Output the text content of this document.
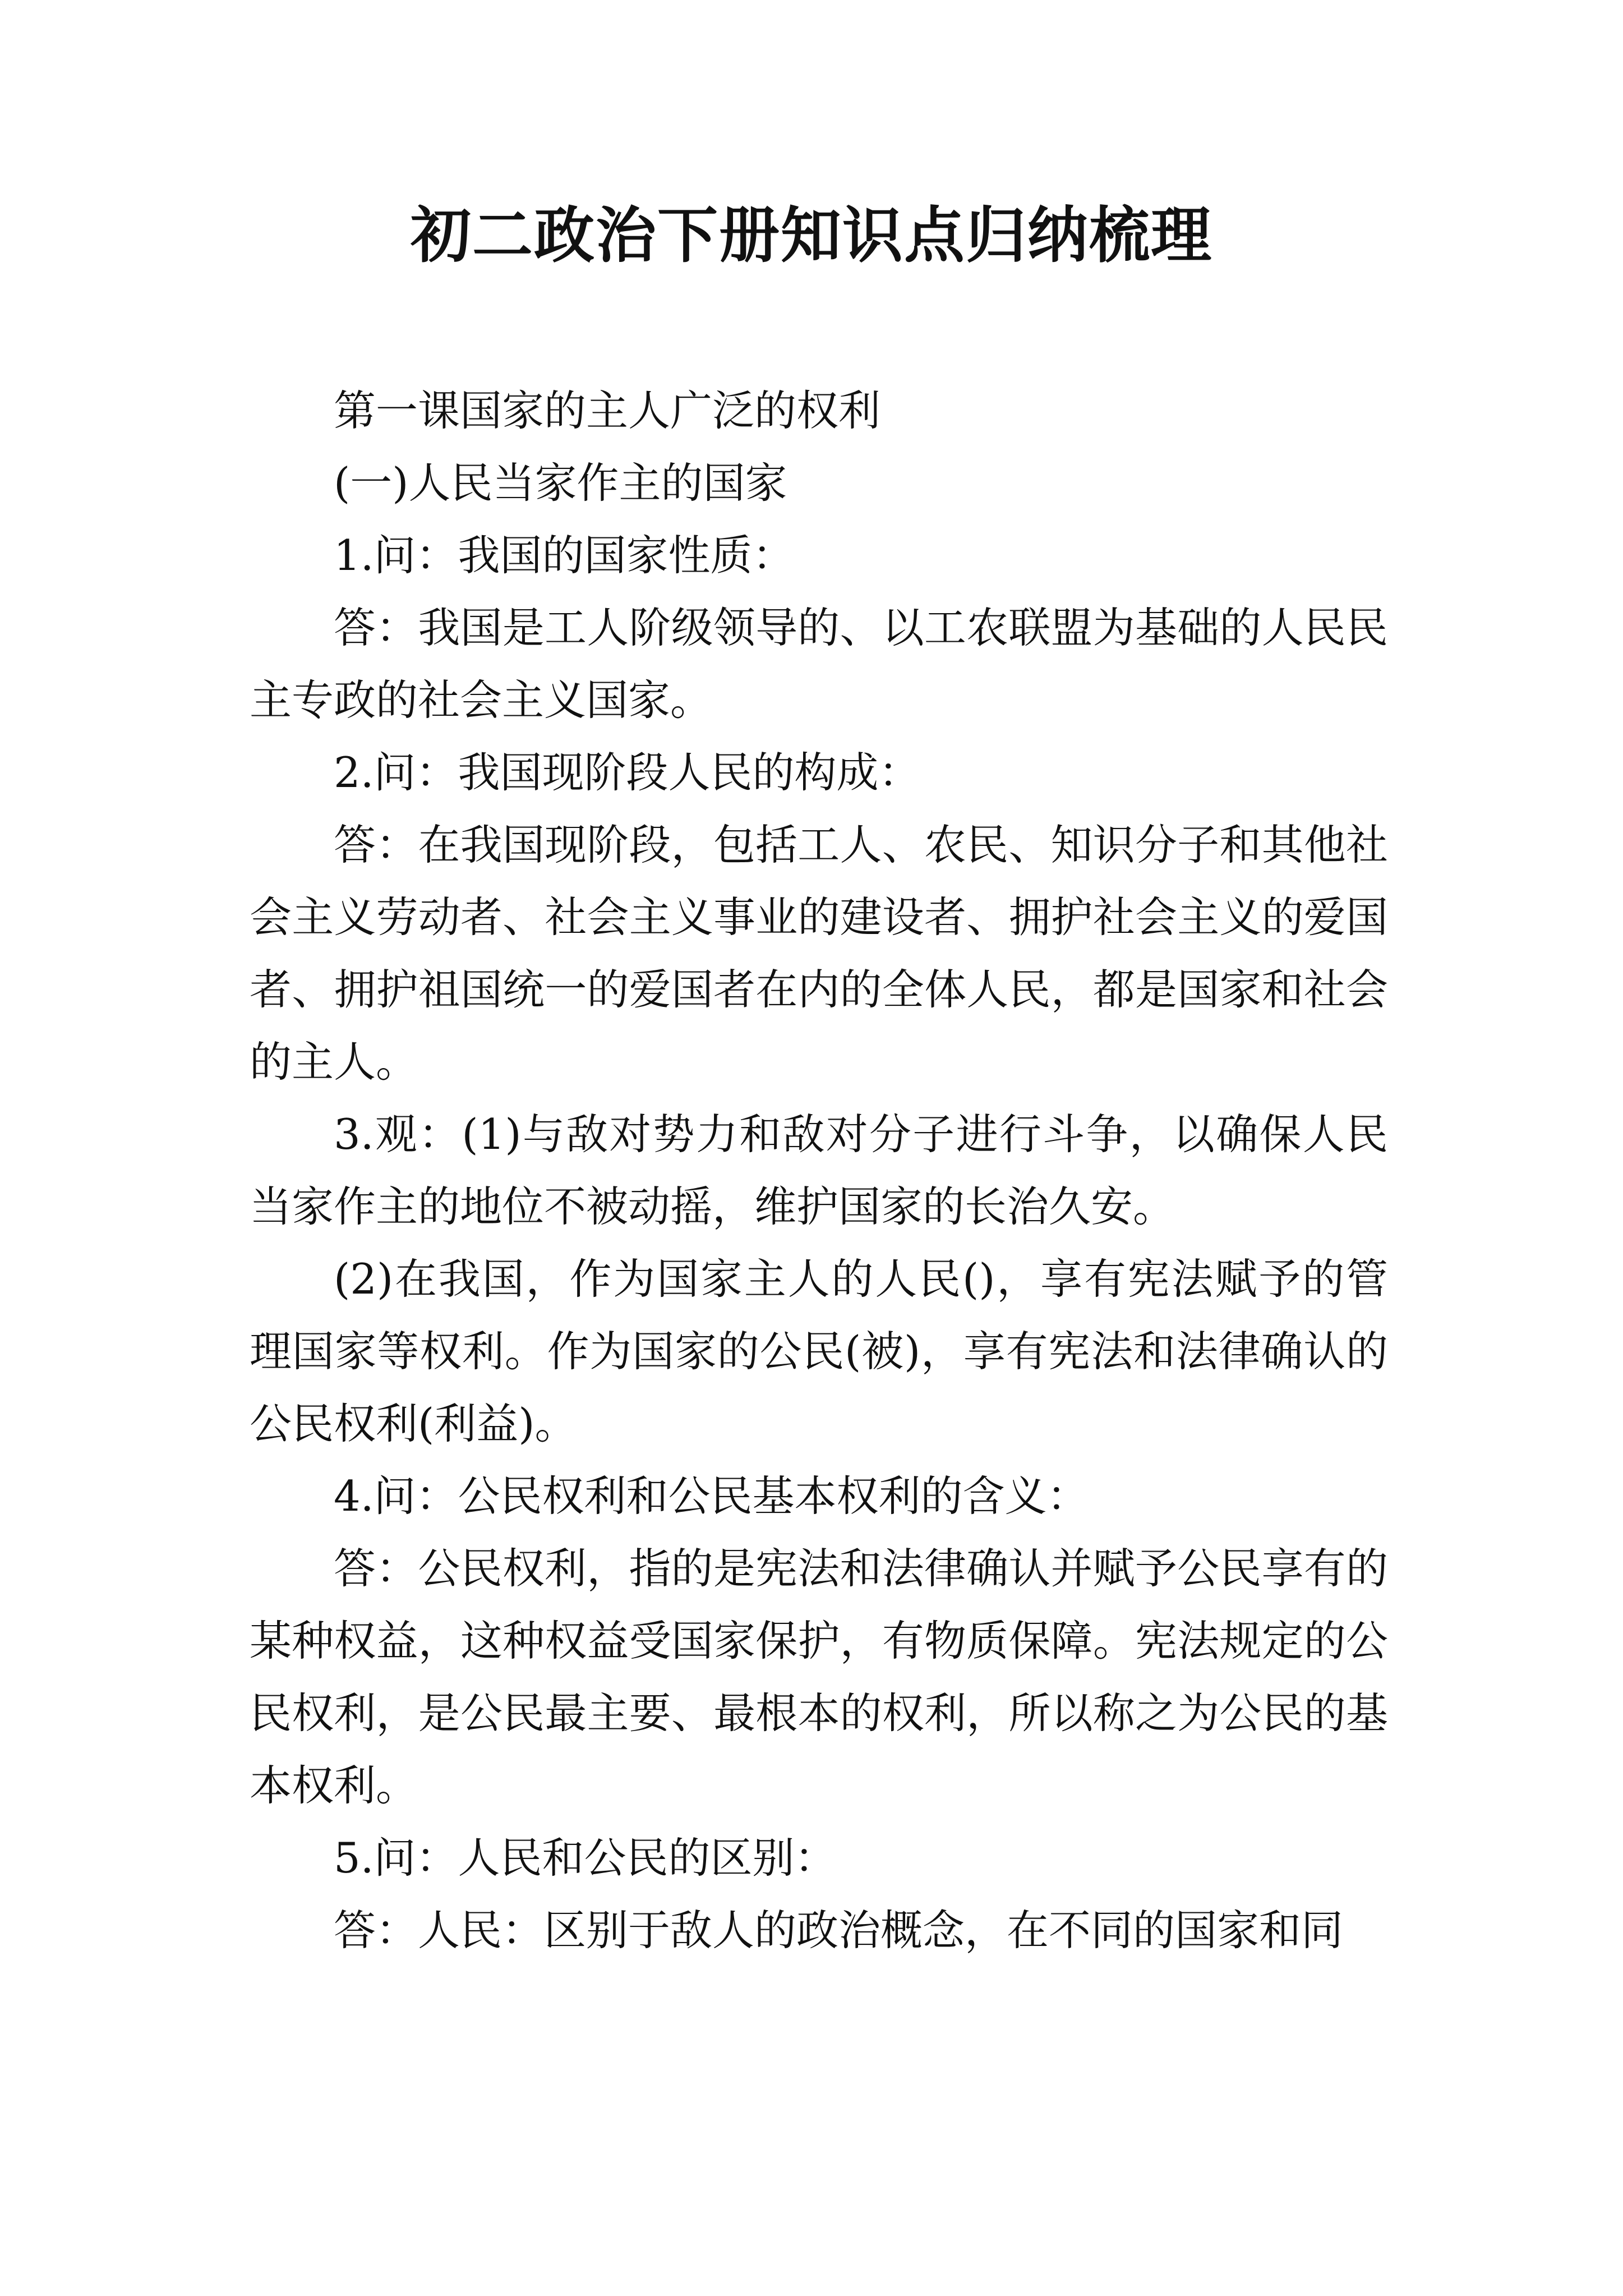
初二政治下册知识点归纳梳理

第一课国家的主人广泛的权利

(一)人民当家作主的国家

1.问：我国的国家性质：

答：我国是工人阶级领导的、以工农联盟为基础的人民民主专政的社会主义国家。

2.问：我国现阶段人民的构成：

答：在我国现阶段，包括工人、农民、知识分子和其他社会主义劳动者、社会主义事业的建设者、拥护社会主义的爱国者、拥护祖国统一的爱国者在内的全体人民，都是国家和社会的主人。

3.观：(1)与敌对势力和敌对分子进行斗争，以确保人民当家作主的地位不被动摇，维护国家的长治久安。

(2)在我国，作为国家主人的人民()，享有宪法赋予的管理国家等权利。作为国家的公民(被)，享有宪法和法律确认的公民权利(利益)。

4.问：公民权利和公民基本权利的含义：

答：公民权利，指的是宪法和法律确认并赋予公民享有的某种权益，这种权益受国家保护，有物质保障。宪法规定的公民权利，是公民最主要、最根本的权利，所以称之为公民的基本权利。

5.问：人民和公民的区别：

答：人民：区别于敌人的政治概念，在不同的国家和同
